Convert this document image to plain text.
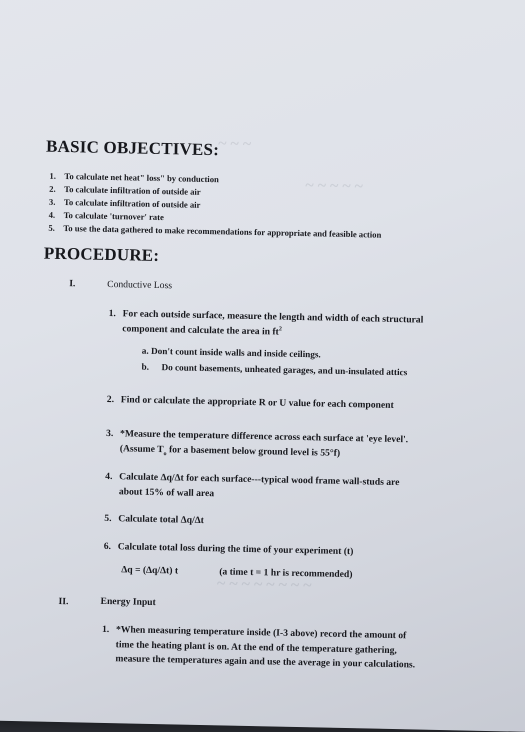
~ ~ ~
~ ~ ~ ~ ~
~ ~ ~ ~ ~ ~ ~ ~
BASIC OBJECTIVES:
1. To calculate net heat" loss" by conduction
2. To calculate infiltration of outside air
3. To calculate infiltration of outside air
4. To calculate 'turnover' rate
5. To use the data gathered to make recommendations for appropriate and feasible action
PROCEDURE:
I.	Conductive Loss
1. For each outside surface, measure the length and width of each structural
component and calculate the area in $ft^2$
a. Don't count inside walls and inside ceilings.
b. Do count basements, unheated garages, and un-insulated attics
2. Find or calculate the appropriate R or U value for each component
3. *Measure the temperature difference across each surface at 'eye level'.
(Assume $T_o$ for a basement below ground level is 55°f)
4. Calculate Δq/Δt for each surface---typical wood frame wall-studs are
about 15% of wall area
5. Calculate total Δq/Δt
6. Calculate total loss during the time of your experiment (t)
Δq = (Δq/Δt) t	(a time t = 1 hr is recommended)
II.	Energy Input
1. *When measuring temperature inside (I-3 above) record the amount of
time the heating plant is on. At the end of the temperature gathering,
measure the temperatures again and use the average in your calculations.
